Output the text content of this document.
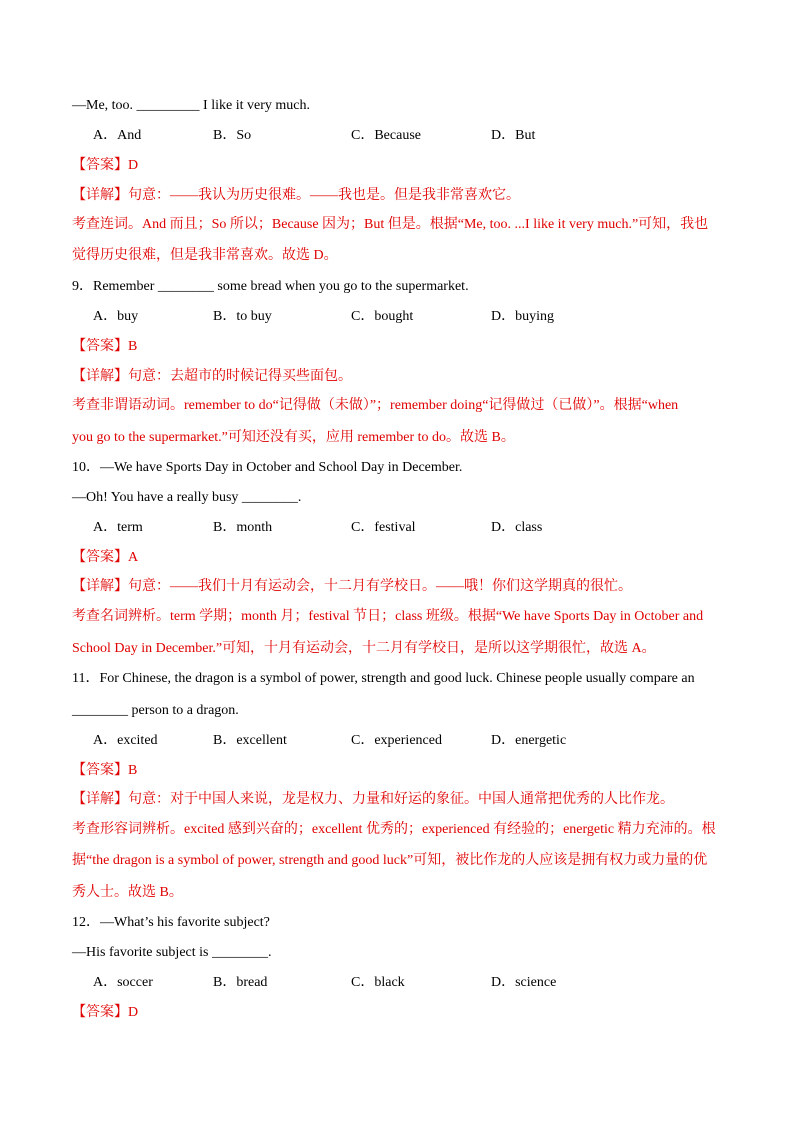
—Me, too. _________ I like it very much.
A．And	B．So	C．Because	D．But
【答案】D
【详解】句意：——我认为历史很难。——我也是。但是我非常喜欢它。
考查连词。And 而且；So 所以；Because 因为；But 但是。根据“Me, too. ...I like it very much.”可知，我也
觉得历史很难，但是我非常喜欢。故选 D。
9．Remember ________ some bread when you go to the supermarket.
A．buy	B．to buy	C．bought	D．buying
【答案】B
【详解】句意：去超市的时候记得买些面包。
考查非谓语动词。remember to do“记得做（未做）”；remember doing“记得做过（已做）”。根据“when
you go to the supermarket.”可知还没有买，应用 remember to do。故选 B。
10．—We have Sports Day in October and School Day in December.
—Oh! You have a really busy ________.
A．term	B．month	C．festival	D．class
【答案】A
【详解】句意：——我们十月有运动会，十二月有学校日。——哦！你们这学期真的很忙。
考查名词辨析。term 学期；month 月；festival 节日；class 班级。根据“We have Sports Day in October and
School Day in December.”可知，十月有运动会，十二月有学校日，是所以这学期很忙，故选 A。
11．For Chinese, the dragon is a symbol of power, strength and good luck. Chinese people usually compare an
________ person to a dragon.
A．excited	B．excellent	C．experienced	D．energetic
【答案】B
【详解】句意：对于中国人来说，龙是权力、力量和好运的象征。中国人通常把优秀的人比作龙。
考查形容词辨析。excited 感到兴奋的；excellent 优秀的；experienced 有经验的；energetic 精力充沛的。根
据“the dragon is a symbol of power, strength and good luck”可知，被比作龙的人应该是拥有权力或力量的优
秀人士。故选 B。
12．—What’s his favorite subject?
—His favorite subject is ________.
A．soccer	B．bread	C．black	D．science
【答案】D
